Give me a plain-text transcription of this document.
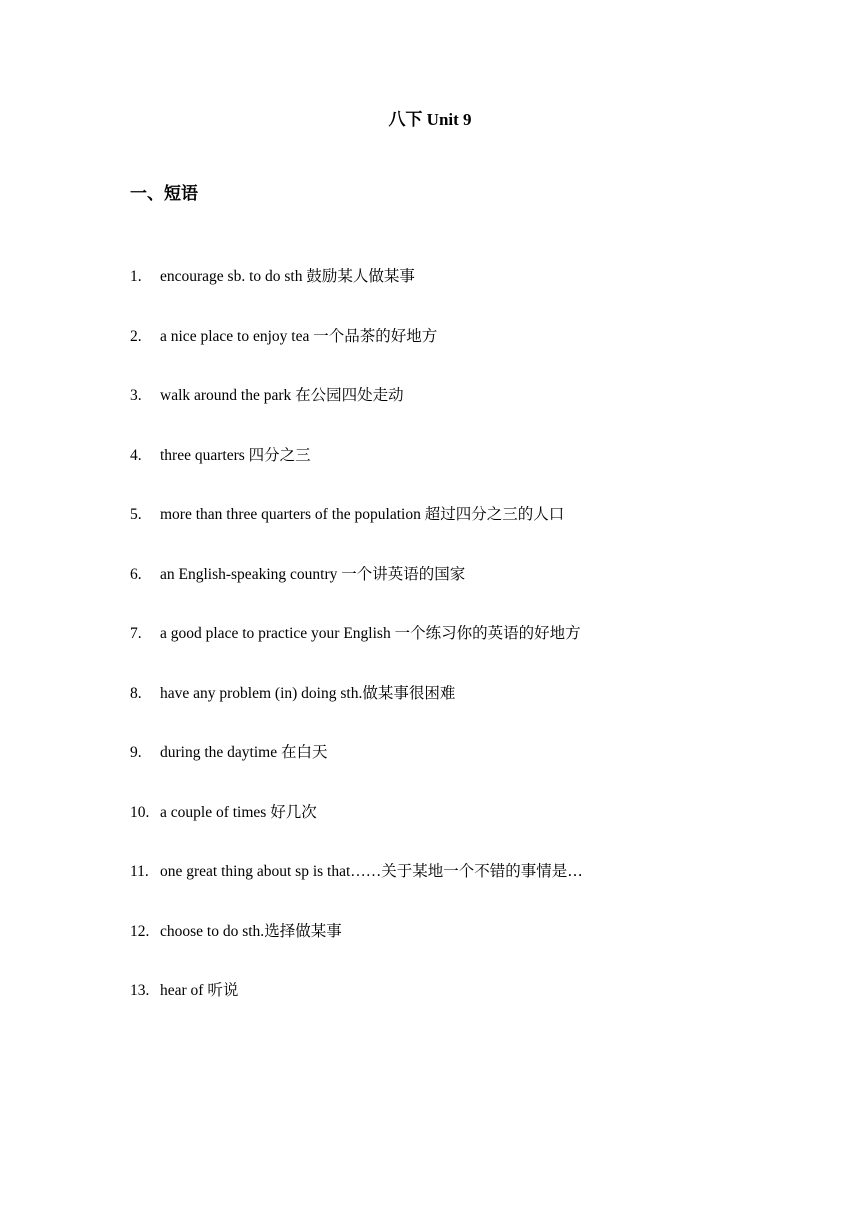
八下 Unit 9
一、短语
1. encourage sb. to do sth 鼓励某人做某事
2. a nice place to enjoy tea 一个品茶的好地方
3. walk around the park 在公园四处走动
4. three quarters 四分之三
5. more than three quarters of the population 超过四分之三的人口
6. an English-speaking country 一个讲英语的国家
7. a good place to practice your English 一个练习你的英语的好地方
8. have any problem (in) doing sth.做某事很困难
9. during the daytime 在白天
10. a couple of times 好几次
11. one great thing about sp is that……关于某地一个不错的事情是…
12. choose to do sth.选择做某事
13. hear of 听说
